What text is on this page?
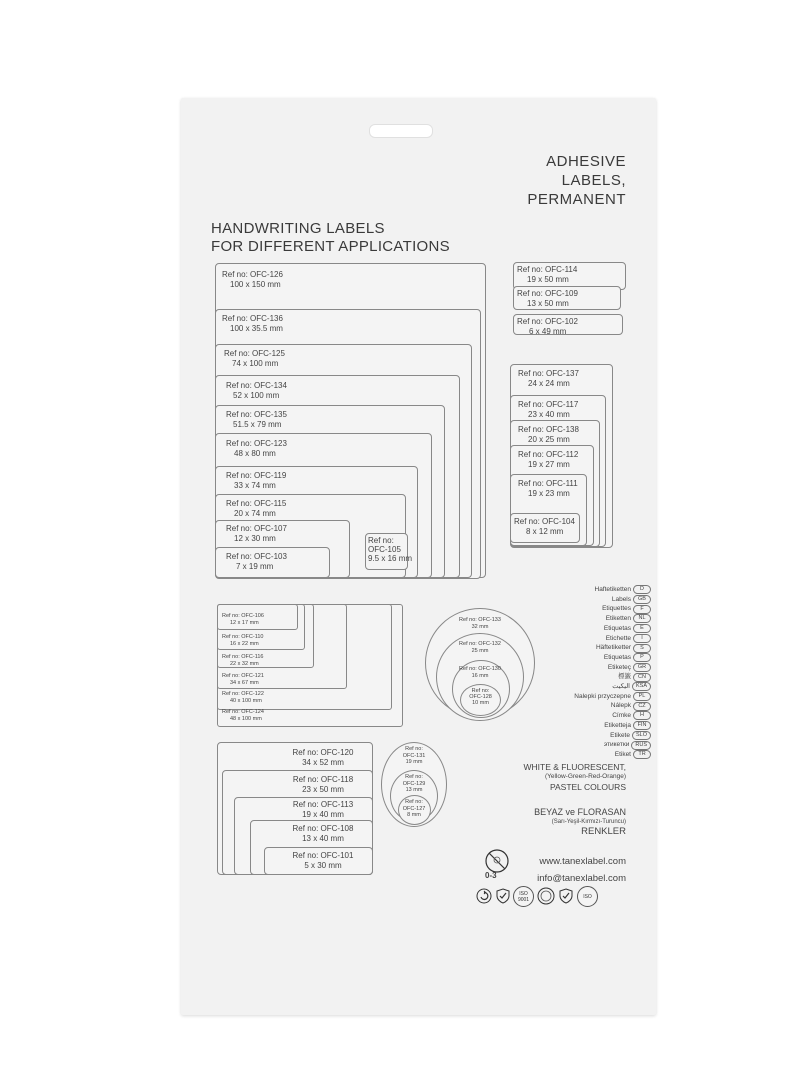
ADHESIVE
LABELS,
PERMANENT
HANDWRITING LABELS
FOR DIFFERENT APPLICATIONS
Ref no: OFC-126
100 x 150 mm
Ref no: OFC-136
100 x 35.5 mm
Ref no: OFC-125
74 x 100 mm
Ref no: OFC-134
52 x 100 mm
Ref no: OFC-135
51.5 x 79 mm
Ref no: OFC-123
48 x 80 mm
Ref no: OFC-119
33 x 74 mm
Ref no: OFC-115
20 x 74 mm
Ref no: OFC-107
12 x 30 mm
Ref no: OFC-103
7 x 19 mm
Ref no:
OFC-105
9.5 x 16 mm
Ref no: OFC-114
19 x 50 mm
Ref no: OFC-109
13 x 50 mm
Ref no: OFC-102
6 x 49 mm
Ref no: OFC-137
24 x 24 mm
Ref no: OFC-117
23 x 40 mm
Ref no: OFC-138
20 x 25 mm
Ref no: OFC-112
19 x 27 mm
Ref no: OFC-111
19 x 23 mm
Ref no: OFC-104
8 x 12 mm
Ref no: OFC-106
12 x 17 mm
Ref no: OFC-110
16 x 22 mm
Ref no: OFC-116
22 x 32 mm
Ref no: OFC-121
34 x 67 mm
Ref no: OFC-122
40 x 100 mm
Ref no: OFC-124
48 x 100 mm
Ref no: OFC-133
32 mm
Ref no: OFC-132
25 mm
Ref no: OFC-130
16 mm
Ref no:
OFC-128
10 mm
Ref no: OFC-120
34 x 52 mm
Ref no: OFC-118
23 x 50 mm
Ref no: OFC-113
19 x 40 mm
Ref no: OFC-108
13 x 40 mm
Ref no: OFC-101
5 x 30 mm
Ref no:
OFC-131
19 mm
Ref no:
OFC-129
13 mm
Ref no:
OFC-127
8 mm
Haftetiketten	D
Labels	GB
Etiquettes	F
Etiketten	NL
Etiquetas	E
Etichette	I
Häftetiketter	S
Etiquetas	P
Etiketeç	GR
標籤	CN
اليكيت	KSA
Nalepki przyczepne	PL
Nálepk	CZ
Címke	H
Etiketteja	FIN
Etikete	SLO
этикетки	RUS
Etiket	TR
WHITE & FLUORESCENT,
(Yellow-Green-Red-Orange)
PASTEL COLOURS
BEYAZ ve FLORASAN
(Sarı-Yeşil-Kırmızı-Turuncu)
RENKLER
www.tanexlabel.com
info@tanexlabel.com
0-3
ISO 9001	ISO
